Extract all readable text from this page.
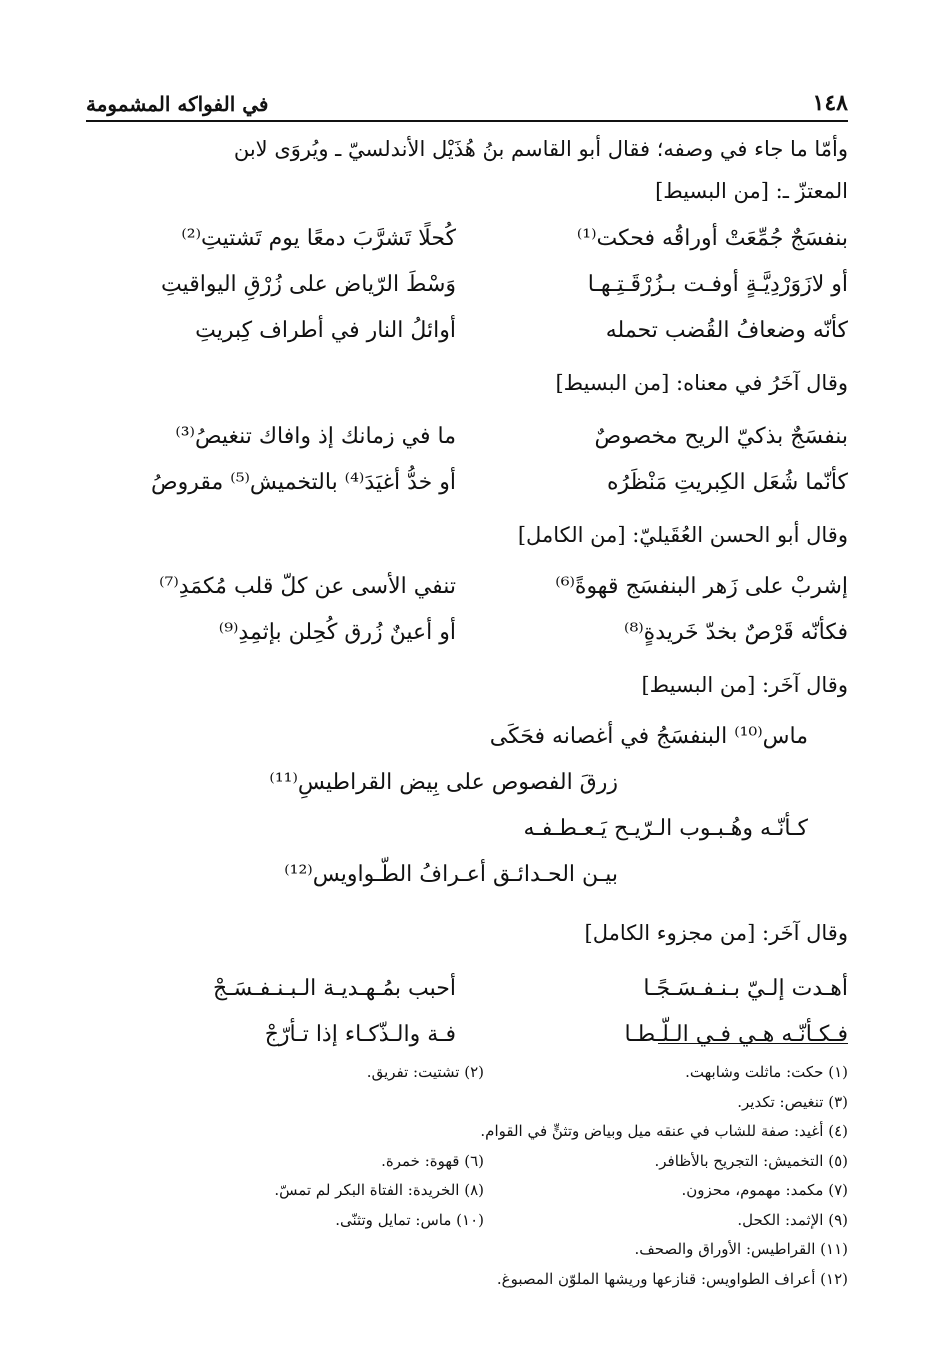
١٤٨
في الفواكه المشمومة
وأمّا ما جاء في وصفه؛ فقال أبو القاسم بنُ هُذَيْل الأندلسيّ ـ ويُروَى لابن
المعتزّ ـ: [من البسيط]
بنفسَجٌ جُمِّعَتْ أوراقُه فحكت⁽¹⁾
كُحلًا تَشرَّبَ دمعًا يوم تَشتيتِ⁽²⁾
أو لازَوَرْدِيَّـةٍ أوفـت بـزُرْقَـتِـهـا
وَسْطَ الرّياض على زُرْقِ اليواقيتِ
كأنّه وضعافُ القُضب تحمله
أوائلُ النار في أطراف كِبريتِ
وقال آخَرُ في معناه: [من البسيط]
بنفسَجٌ بذكيّ الريح مخصوصٌ
ما في زمانك إذ وافاك تنغيصُ⁽³⁾
كأنّما شُعَل الكِبريتِ مَنْظَرُه
أو خدُّ أغيَدَ⁽⁴⁾ بالتخميش⁽⁵⁾ مقروصُ
وقال أبو الحسن العُقَيليّ: [من الكامل]
إشربْ على زَهر البنفسَج قهوةً⁽⁶⁾
تنفي الأسى عن كلّ قلب مُكمَدِ⁽⁷⁾
فكأنّه قَرْصٌ بخدّ خَريدةٍ⁽⁸⁾
أو أعينٌ زُرق كُحِلن بإثمِدِ⁽⁹⁾
وقال آخَر: [من البسيط]
ماس⁽¹⁰⁾ البنفسَجُ في أغصانه فحَكَى
زرقَ الفصوص على بِيض القراطيسِ⁽¹¹⁾
كـأنّـه وهُـبـوب الـرّيـح يَـعـطـفـه
بيـن الحـدائـق أعـرافُ الطّـواويس⁽¹²⁾
وقال آخَر: [من مجزوء الكامل]
أهـدت إلـيّ بـنـفـسَـجًـا
أحبب بمُـهـديـة الـبـنـفـسَـجْ
فـكـأنّـه هـي فـي الـلّـطـا
فـة والـذّكـاء إذا تـأرّجْ
(١) حكت: ماثلت وشابهت.
(٢) تشتيت: تفريق.
(٣) تنغيص: تكدير.
(٤) أغيد: صفة للشاب في عنقه ميل وبياض وتثنٍّ في القوام.
(٥) التخميش: التجريح بالأظافر.
(٦) قهوة: خمرة.
(٧) مكمد: مهموم، محزون.
(٨) الخريدة: الفتاة البكر لم تمسّ.
(٩) الإثمد: الكحل.
(١٠) ماس: تمايل وتثنّى.
(١١) القراطيس: الأوراق والصحف.
(١٢) أعراف الطواويس: قنازعها وريشها الملوّن المصبوغ.
